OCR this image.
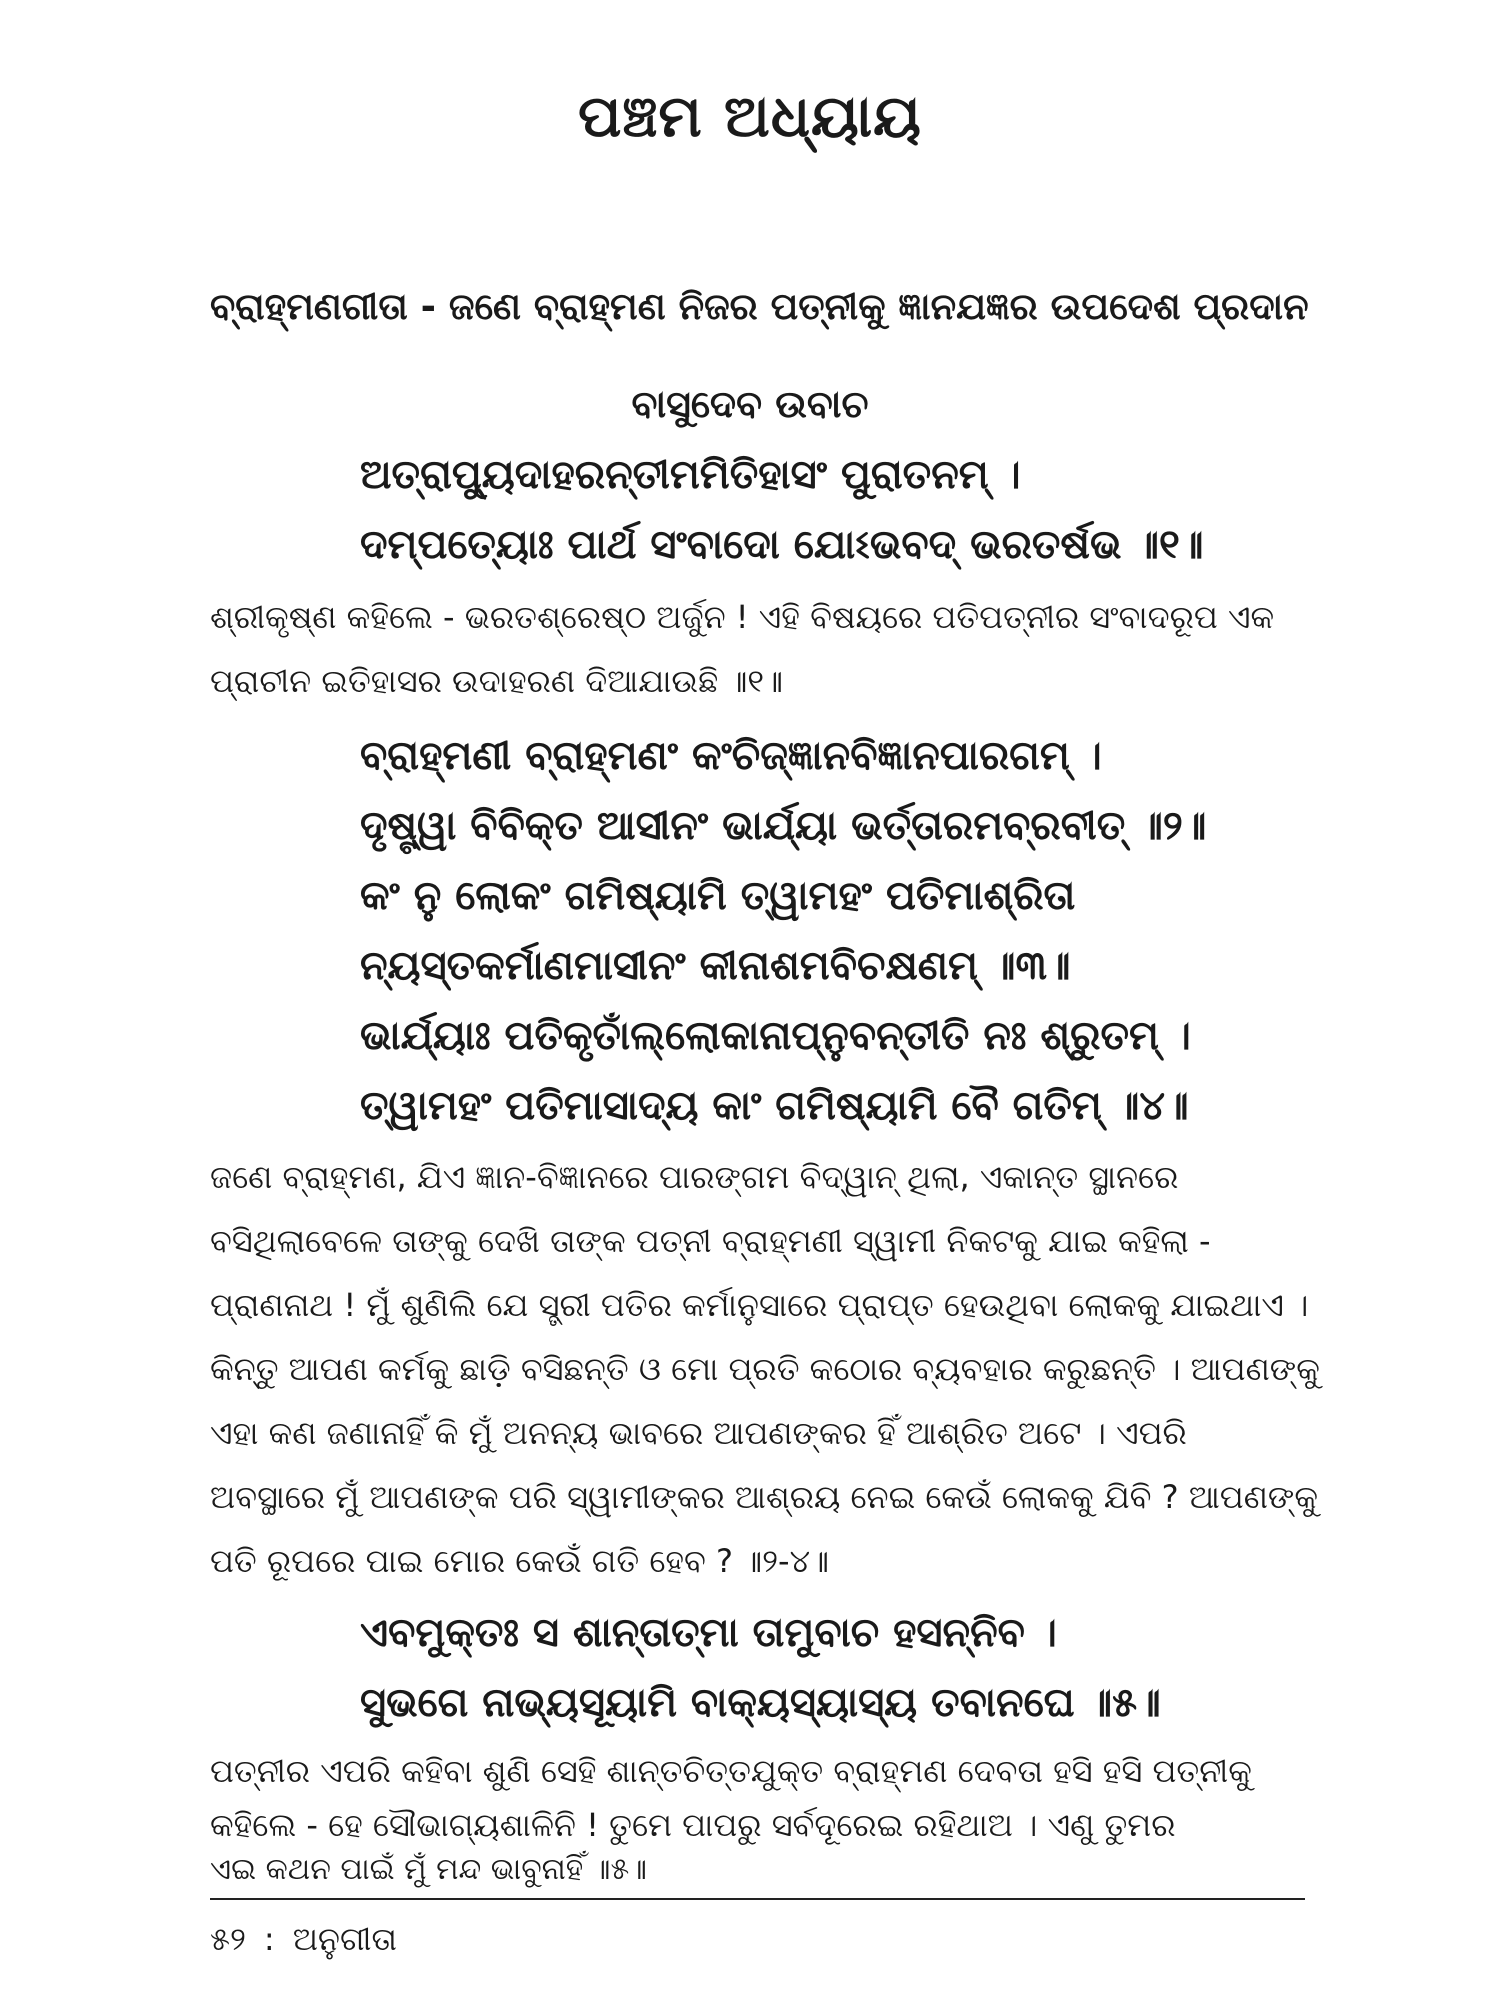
ପଞ୍ଚମ ଅଧ୍ୟାୟ
ବ୍ରାହ୍ମଣଗୀତା - ଜଣେ ବ୍ରାହ୍ମଣ ନିଜର ପତ୍ନୀକୁ ଜ୍ଞାନଯଜ୍ଞର ଉପଦେଶ ପ୍ରଦାନ
ବାସୁଦେବ ଉବାଚ
ଅତ୍ରାପ୍ୟୁଦାହରନ୍ତୀମମିତିହାସଂ ପୁରାତନମ୍ ।
ଦମ୍ପତ୍ୟୋଃ ପାର୍ଥ ସଂବାଦୋ ଯୋଽଭବଦ୍ ଭରତର୍ଷଭ ॥୧॥
ଶ୍ରୀକୃଷ୍ଣ କହିଲେ - ଭରତଶ୍ରେଷ୍ଠ ଅର୍ଜୁନ ! ଏହି ବିଷୟରେ ପତିପତ୍ନୀର ସଂବାଦରୂପ ଏକ
ପ୍ରାଚୀନ ଇତିହାସର ଉଦାହରଣ ଦିଆଯାଉଛି ॥୧॥
ବ୍ରାହ୍ମଣୀ ବ୍ରାହ୍ମଣଂ କଂଚିଜ୍ଜ୍ଞାନବିଜ୍ଞାନପାରଗମ୍ ।
ଦୃଷ୍ଟ୍ୱା ବିବିକ୍ତ ଆସୀନଂ ଭାର୍ଯ୍ୟା ଭର୍ତ୍ତାରମବ୍ରବୀତ୍ ॥୨॥
କଂ ନୁ ଲୋକଂ ଗମିଷ୍ୟାମି ତ୍ୱାମହଂ ପତିମାଶ୍ରିତା
ନ୍ୟସ୍ତକର୍ମାଣମାସୀନଂ କୀନାଶମବିଚକ୍ଷଣମ୍ ॥୩॥
ଭାର୍ଯ୍ୟାଃ ପତିକୃତାଁଲ୍ଲୋକାନାପ୍ନୁବନ୍ତୀତି ନଃ ଶ୍ରୁତମ୍ ।
ତ୍ୱାମହଂ ପତିମାସାଦ୍ୟ କାଂ ଗମିଷ୍ୟାମି ବୈ ଗତିମ୍ ॥୪॥
ଜଣେ ବ୍ରାହ୍ମଣ, ଯିଏ ଜ୍ଞାନ-ବିଜ୍ଞାନରେ ପାରଙ୍ଗମ ବିଦ୍ୱାନ୍ ଥିଲା, ଏକାନ୍ତ ସ୍ଥାନରେ
ବସିଥିଲାବେଳେ ତାଙ୍କୁ ଦେଖି ତାଙ୍କ ପତ୍ନୀ ବ୍ରାହ୍ମଣୀ ସ୍ୱାମୀ ନିକଟକୁ ଯାଇ କହିଲା -
ପ୍ରାଣନାଥ ! ମୁଁ ଶୁଣିଲି ଯେ ସ୍ତ୍ରୀ ପତିର କର୍ମାନୁସାରେ ପ୍ରାପ୍ତ ହେଉଥିବା ଲୋକକୁ ଯାଇଥାଏ ।
କିନ୍ତୁ ଆପଣ କର୍ମକୁ ଛାଡ଼ି ବସିଛନ୍ତି ଓ ମୋ ପ୍ରତି କଠୋର ବ୍ୟବହାର କରୁଛନ୍ତି । ଆପଣଙ୍କୁ
ଏହା କଣ ଜଣାନାହିଁ କି ମୁଁ ଅନନ୍ୟ ଭାବରେ ଆପଣଙ୍କର ହିଁ ଆଶ୍ରିତ ଅଟେ । ଏପରି
ଅବସ୍ଥାରେ ମୁଁ ଆପଣଙ୍କ ପରି ସ୍ୱାମୀଙ୍କର ଆଶ୍ରୟ ନେଇ କେଉଁ ଲୋକକୁ ଯିବି ? ଆପଣଙ୍କୁ
ପତି ରୂପରେ ପାଇ ମୋର କେଉଁ ଗତି ହେବ ? ॥୨-୪॥
ଏବମୁକ୍ତଃ ସ ଶାନ୍ତାତ୍ମା ତାମୁବାଚ ହସନ୍ନିବ ।
ସୁଭଗେ ନାଭ୍ୟସୂୟାମି ବାକ୍ୟସ୍ୟାସ୍ୟ ତବାନଘେ ॥୫॥
ପତ୍ନୀର ଏପରି କହିବା ଶୁଣି ସେହି ଶାନ୍ତଚିତ୍ତଯୁକ୍ତ ବ୍ରାହ୍ମଣ ଦେବତା ହସି ହସି ପତ୍ନୀକୁ
କହିଲେ - ହେ ସୌଭାଗ୍ୟଶାଳିନି ! ତୁମେ ପାପରୁ ସର୍ବଦୂରେଇ ରହିଥାଅ । ଏଣୁ ତୁମର
୫୨ : ଅନୁଗୀତା
ଏଇ କଥନ ପାଇଁ ମୁଁ ମନ୍ଦ ଭାବୁନାହିଁ ॥୫॥
